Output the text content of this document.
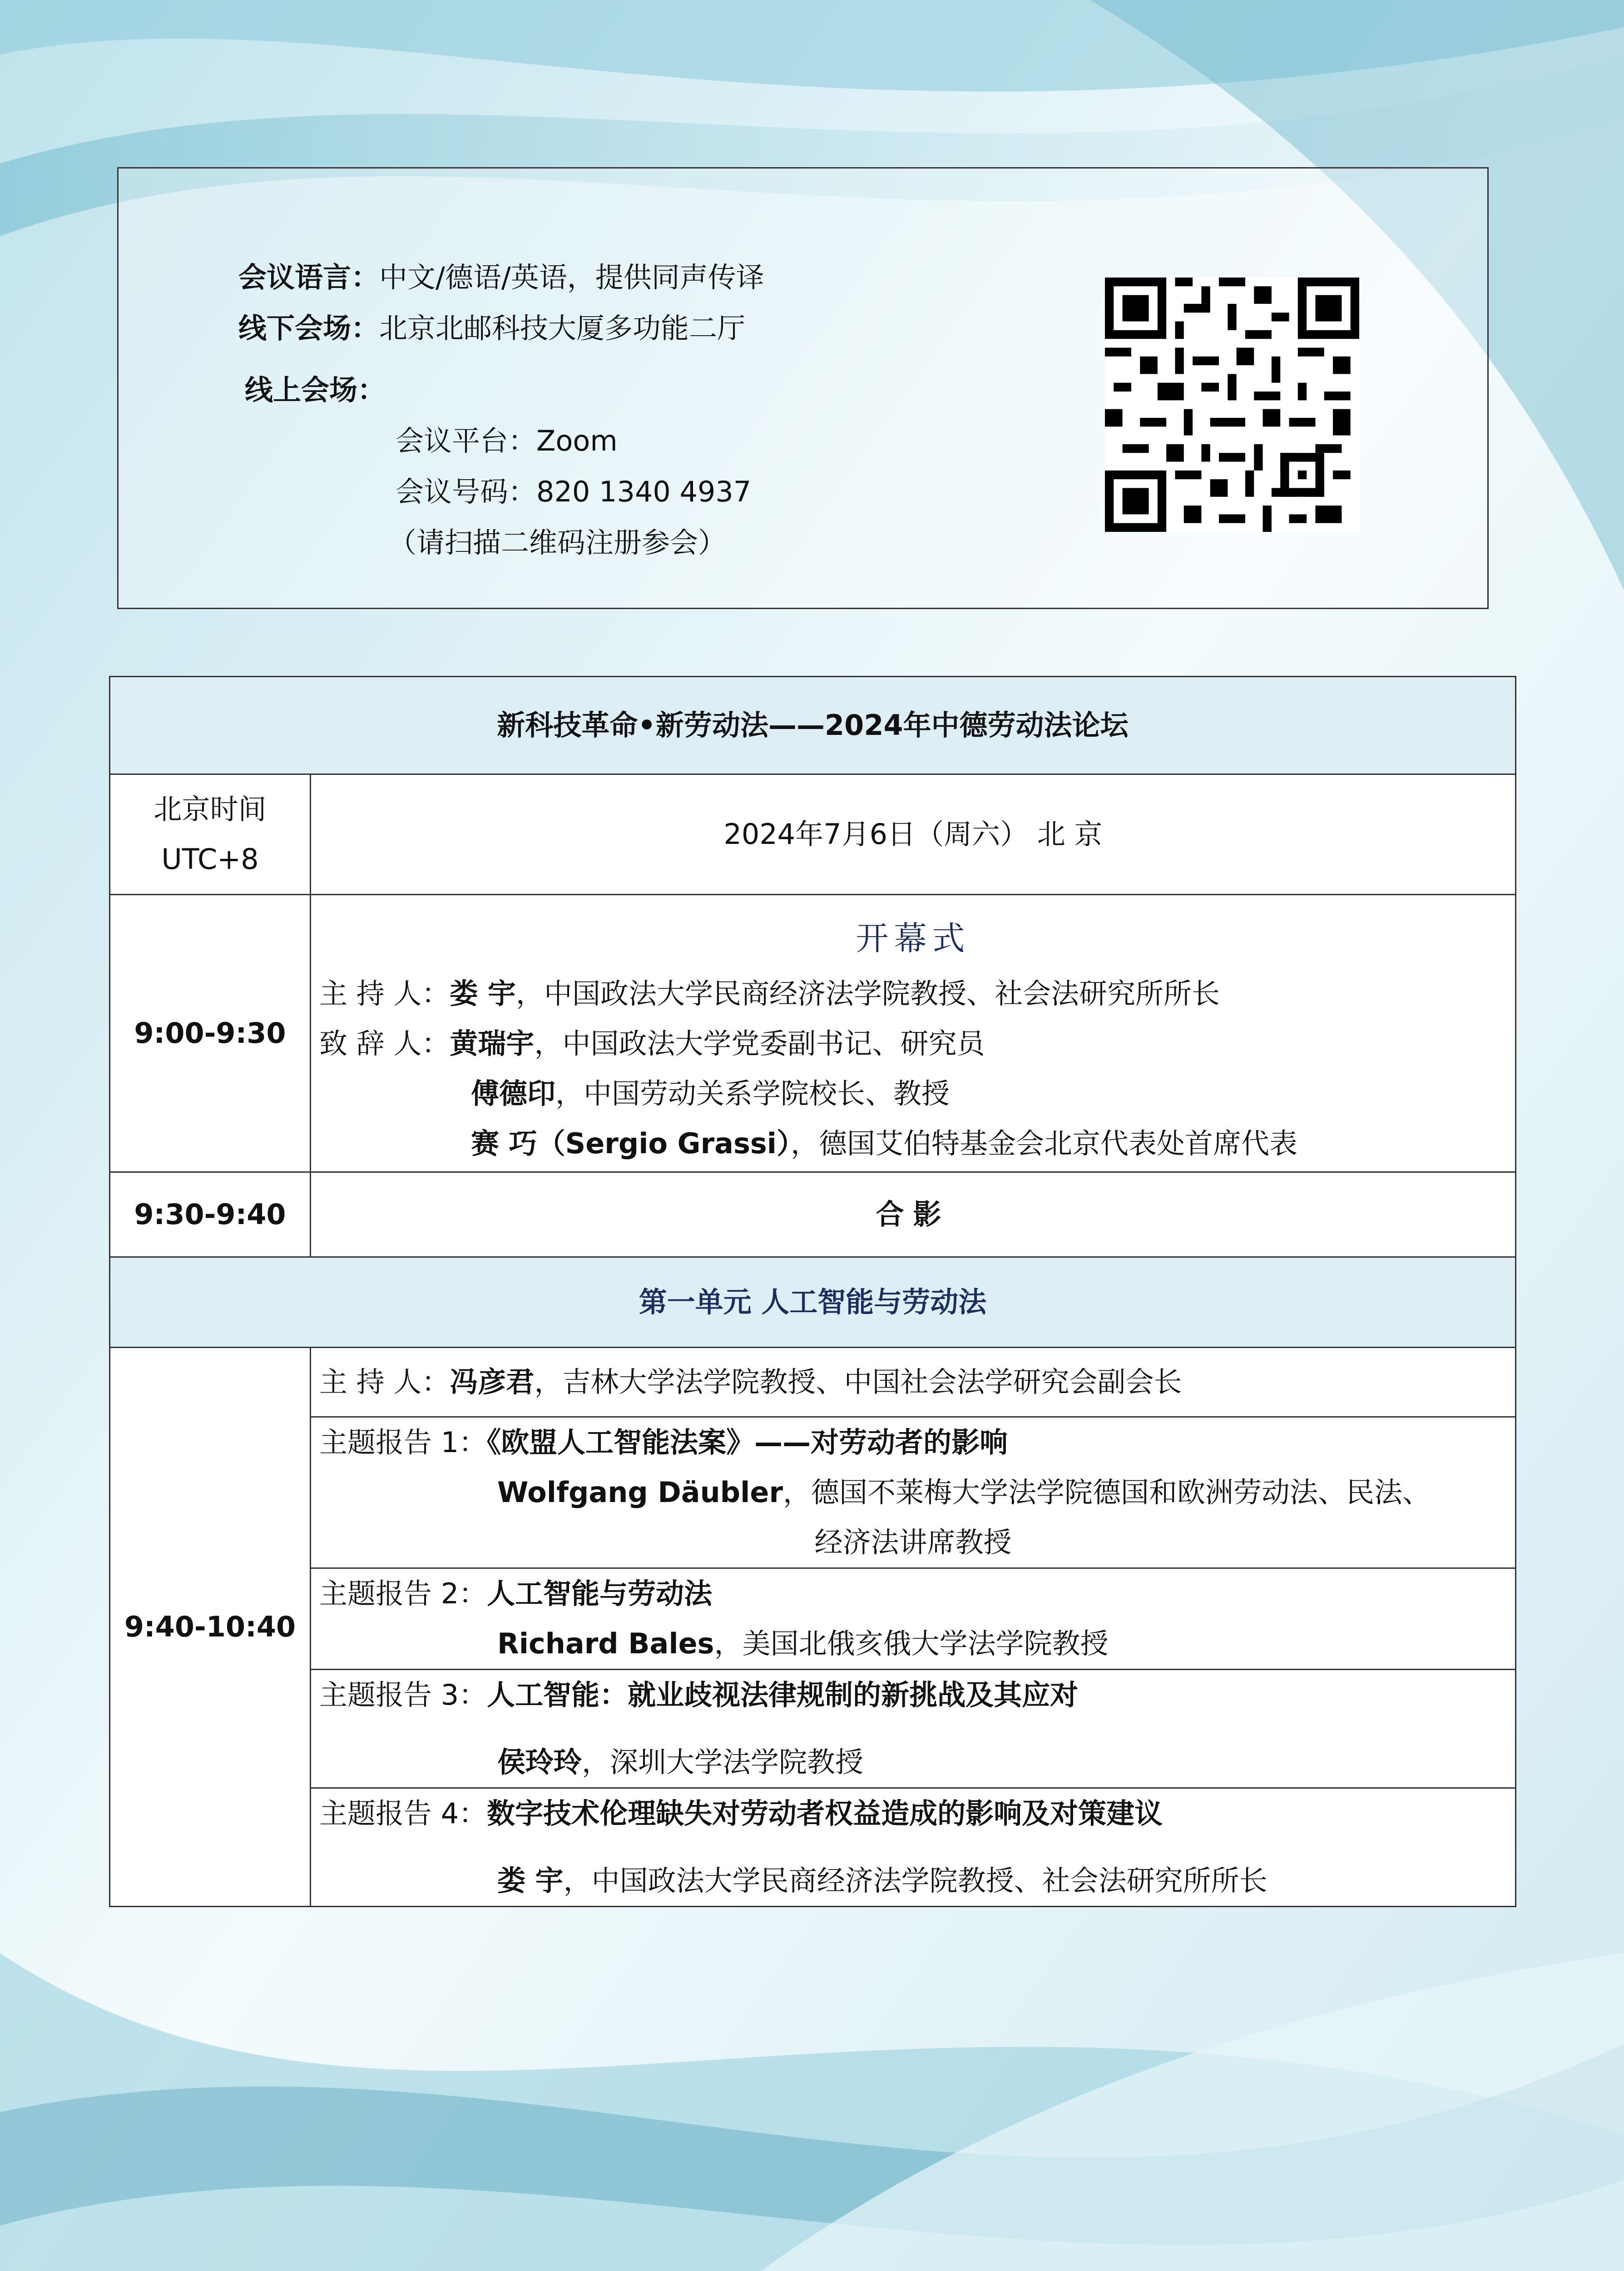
会议语言：中文/德语/英语，提供同声传译
线下会场：北京北邮科技大厦多功能二厅
线上会场：
会议平台：Zoom
会议号码：820 1340 4937
（请扫描二维码注册参会）
新科技革命•新劳动法——2024年中德劳动法论坛	

北京时间
UTC+8	2024年7月6日（周六） 北 京
9:00-9:30	开幕式
主 持 人：娄 宇，中国政法大学民商经济法学院教授、社会法研究所所长
致 辞 人：黄瑞宇，中国政法大学党委副书记、研究员
傅德印，中国劳动关系学院校长、教授
赛 巧（Sergio Grassi），德国艾伯特基金会北京代表处首席代表

9:30-9:40	合影
第一单元 人工智能与劳动法	
9:40-10:40	主 持 人：冯彦君，吉林大学法学院教授、中国社会法学研究会副会长

	主题报告 1：《欧盟人工智能法案》——对劳动者的影响
Wolfgang Däubler，德国不莱梅大学法学院德国和欧洲劳动法、民法、
经济法讲席教授

	主题报告 2：人工智能与劳动法
Richard Bales，美国北俄亥俄大学法学院教授

	主题报告 3：人工智能：就业歧视法律规制的新挑战及其应对
侯玲玲，深圳大学法学院教授

	主题报告 4：数字技术伦理缺失对劳动者权益造成的影响及对策建议
娄 宇，中国政法大学民商经济法学院教授、社会法研究所所长
